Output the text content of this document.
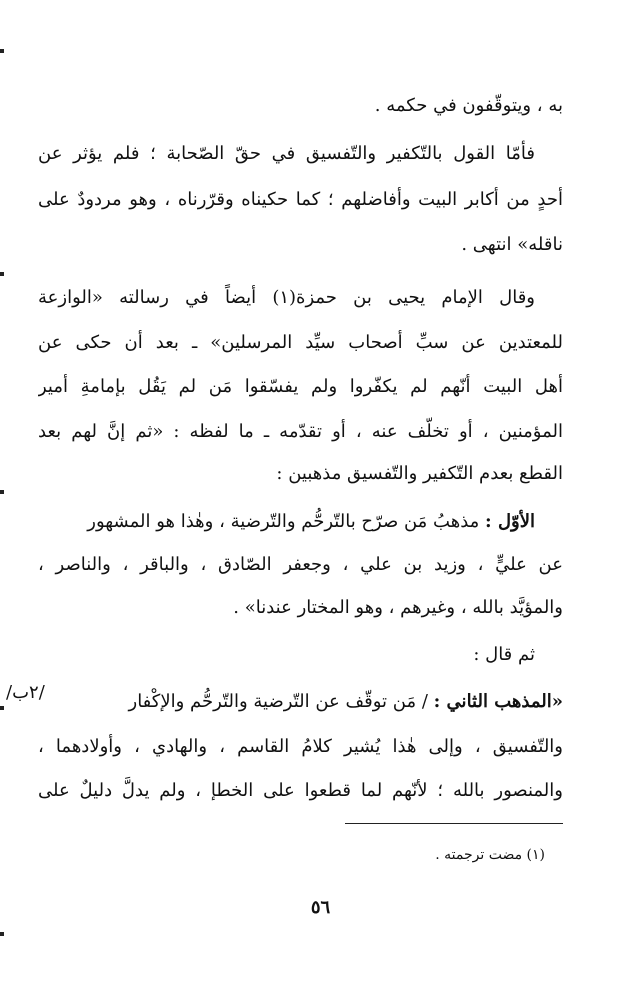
به ، ويتوقّفون في حكمه .
فأمّا القول بالتّكفير والتّفسيق في حقّ الصّحابة ؛ فلم يؤثر عن
أحدٍ من أكابر البيت وأفاضلهم ؛ كما حكيناه وقرّرناه ، وهو مردودٌ على
ناقله» انتهى .
وقال الإمام يحيى بن حمزة(١) أيضاً في رسالته «الوازعة
للمعتدين عن سبِّ أصحاب سيِّد المرسلين» ـ بعد أن حكى عن
أهل البيت أنّهم لم يكفّروا ولم يفسّقوا مَن لم يَقُل بإمامةِ أمير
المؤمنين ، أو تخلّف عنه ، أو تقدّمه ـ ما لفظه : «ثم إنَّ لهم بعد
القطع بعدم التّكفير والتّفسيق مذهبين :
الأوّل : مذهبُ مَن صرّح بالتّرحُّم والتّرضية ، وهٰذا هو المشهور
عن عليٍّ ، وزيد بن علي ، وجعفر الصّادق ، والباقر ، والناصر ،
والمؤيَّد بالله ، وغيرهم ، وهو المختار عندنا» .
ثم قال :
/٢ب/	«المذهب الثاني : / مَن توقّف عن التّرضية والتّرحُّم والإكْفار
والتّفسيق ، وإلى هٰذا يُشير كلامُ القاسم ، والهادي ، وأولادهما ،
والمنصور بالله ؛ لأنّهم لما قطعوا على الخطإ ، ولم يدلَّ دليلٌ على
(١) مضت ترجمته .
٥٦
